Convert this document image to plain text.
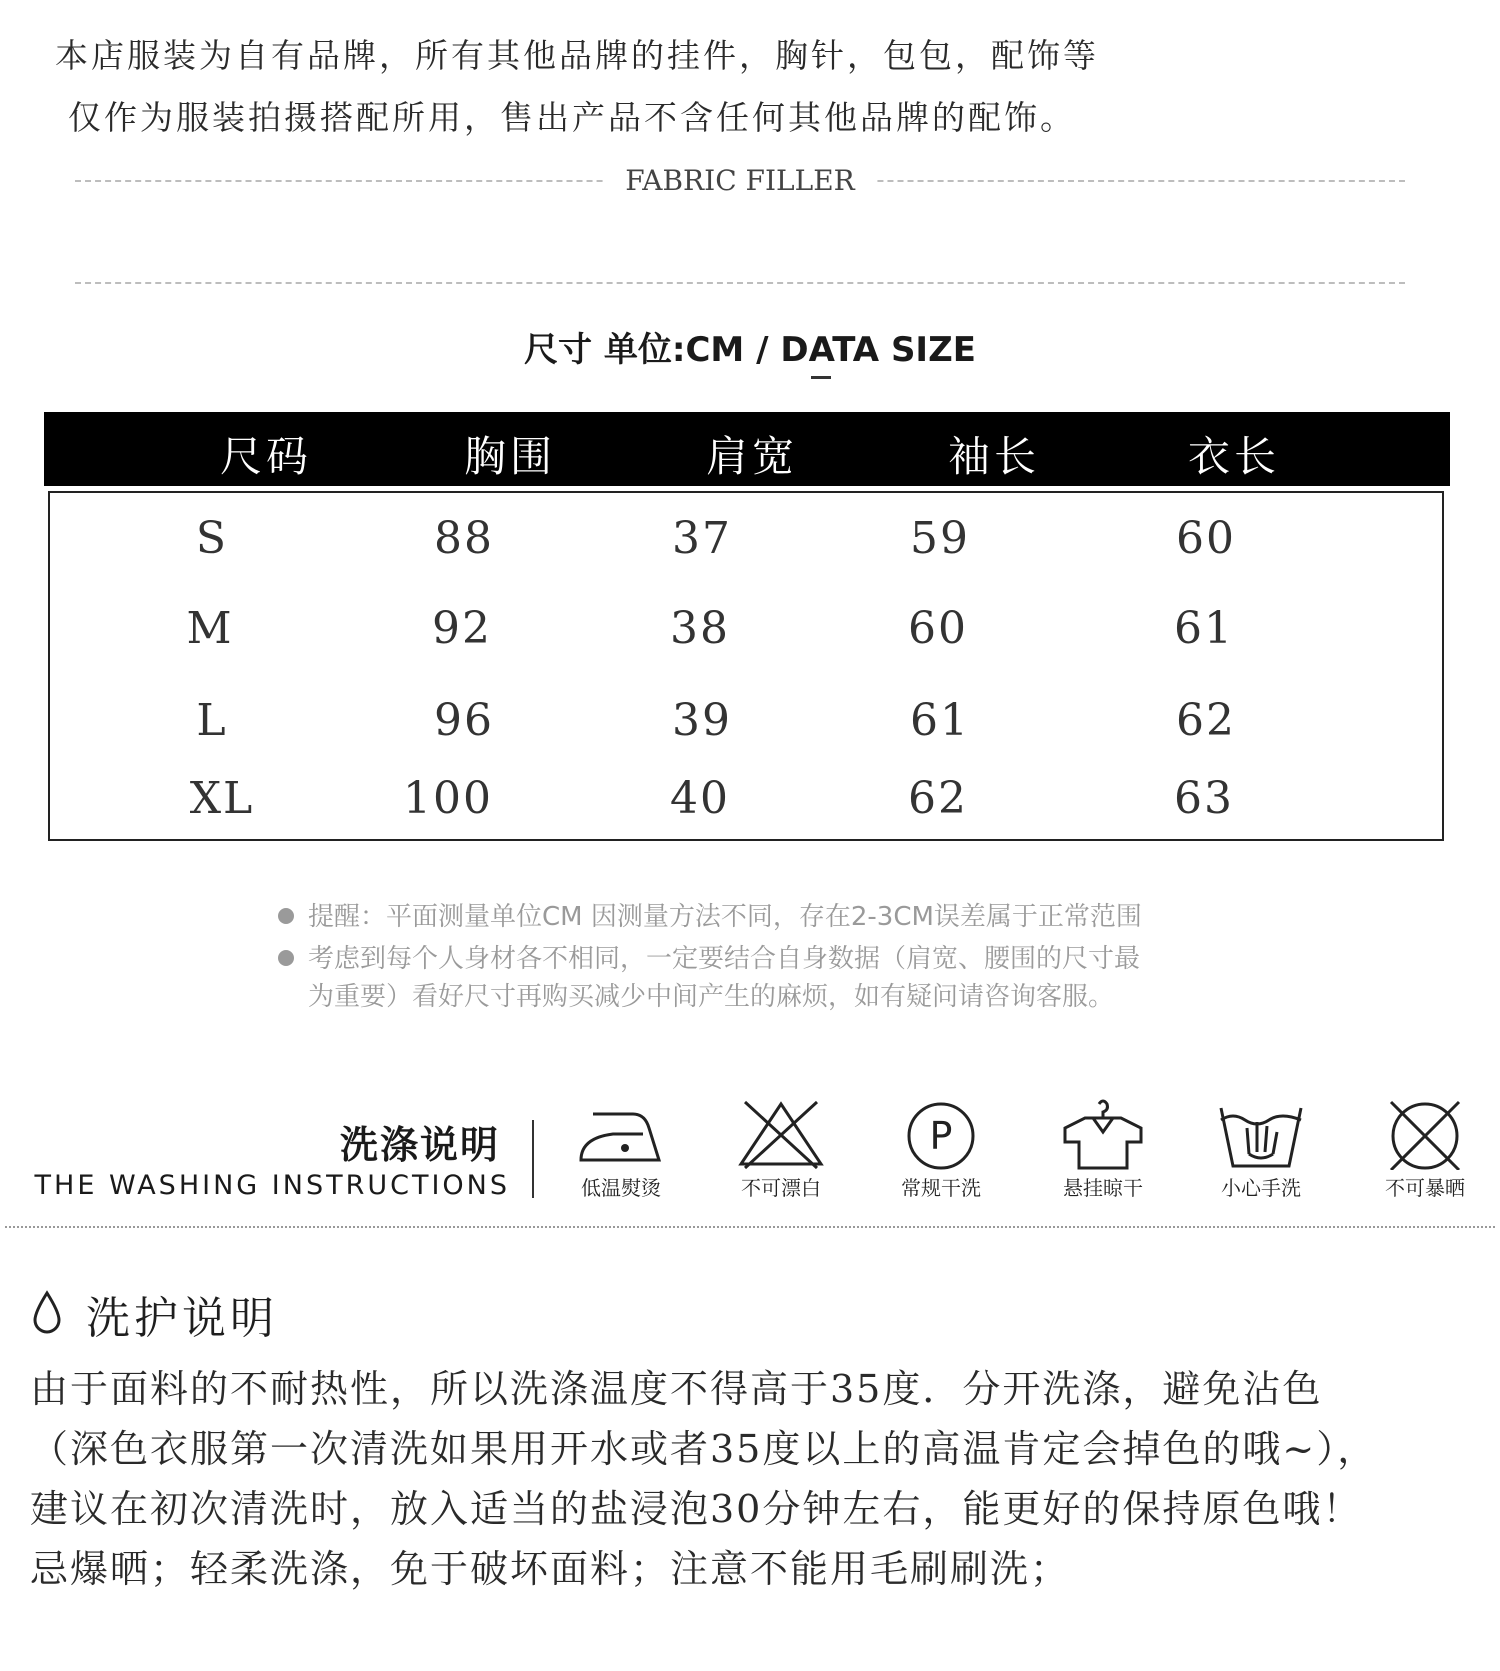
本店服装为自有品牌，所有其他品牌的挂件，胸针，包包，配饰等
仅作为服装拍摄搭配所用，售出产品不含任何其他品牌的配饰。
FABRIC FILLER
尺寸 单位:CM / DATA SIZE
尺码	胸围	肩宽	袖长	衣长
S	88	37	59	60
M	92	38	60	61
L	96	39	61	62
XL	100	40	62	63
提醒：平面测量单位CM 因测量方法不同，存在2-3CM误差属于正常范围
考虑到每个人身材各不相同，一定要结合自身数据（肩宽、腰围的尺寸最
为重要）看好尺寸再购买减少中间产生的麻烦，如有疑问请咨询客服。
洗涤说明
THE WASHING INSTRUCTIONS	低温熨烫	不可漂白
P
常规干洗	悬挂晾干	小心手洗	不可暴晒
洗护说明
由于面料的不耐热性，所以洗涤温度不得高于35度．分开洗涤，避免沾色
（深色衣服第一次清洗如果用开水或者35度以上的高温肯定会掉色的哦~），
建议在初次清洗时，放入适当的盐浸泡30分钟左右，能更好的保持原色哦！
忌爆晒；轻柔洗涤，免于破坏面料；注意不能用毛刷刷洗；
